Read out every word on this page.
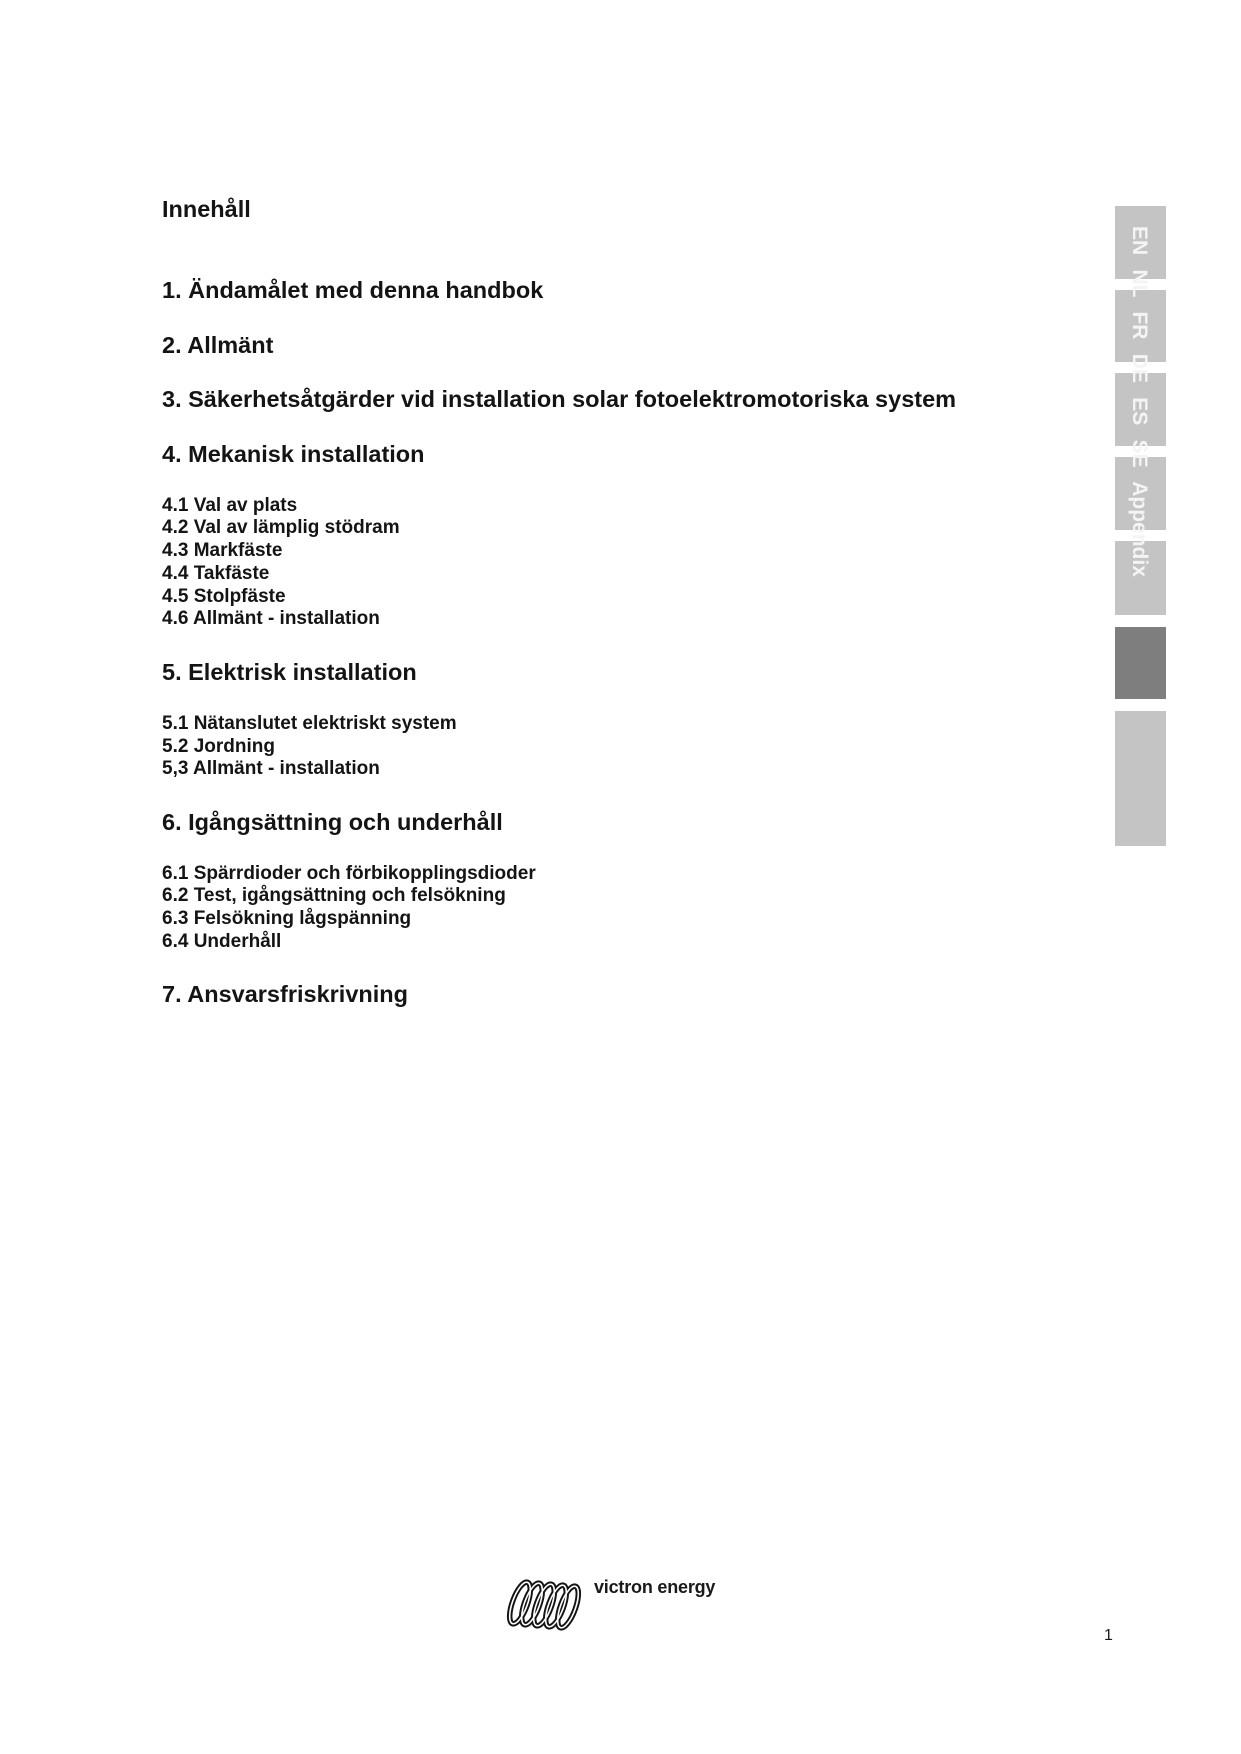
Innehåll
1. Ändamålet med denna handbok
2. Allmänt
3. Säkerhetsåtgärder vid installation solar fotoelektromotoriska system
4. Mekanisk installation
4.1 Val av plats
4.2 Val av lämplig stödram
4.3 Markfäste
4.4 Takfäste
4.5 Stolpfäste
4.6 Allmänt - installation
5. Elektrisk installation
5.1 Nätanslutet elektriskt system
5.2 Jordning
5,3 Allmänt - installation
6. Igångsättning och underhåll
6.1 Spärrdioder och förbikopplingsdioder
6.2 Test, igångsättning och felsökning
6.3 Felsökning lågspänning
6.4 Underhåll
7. Ansvarsfriskrivning
EN NL FR DE ES SE Appendix
victron energy
1
